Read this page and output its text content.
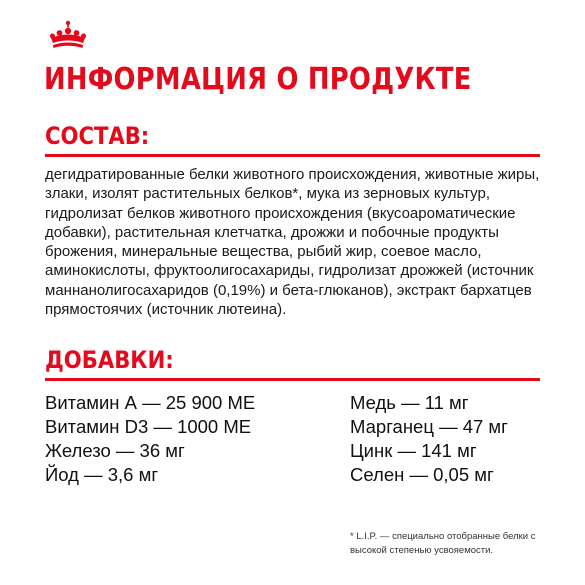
ИНФОРМАЦИЯ О ПРОДУКТЕ
СОСТАВ:

дегидратированные белки животного происхождения, животные жиры, злаки, изолят растительных белков*, мука из зерновых культур, гидролизат белков животного происхождения (вкусоароматические добавки), растительная клетчатка, дрожжи и побочные продукты брожения, минеральные вещества, рыбий жир, соевое масло, аминокислоты, фруктоолигосахариды, гидролизат дрожжей (источник маннанолигосахаридов (0,19%) и бета-глюканов), экстракт бархатцев прямостоячих (источник лютеина).

ДОБАВКИ:
Витамин А — 25 900 МЕ
Витамин D3 — 1000 МЕ
Железо — 36 мг
Йод — 3,6 мг
Медь — 11 мг
Марганец — 47 мг
Цинк — 141 мг
Селен — 0,05 мг

* L.I.P. — специально отобранные белки с высокой степенью усвояемости.
